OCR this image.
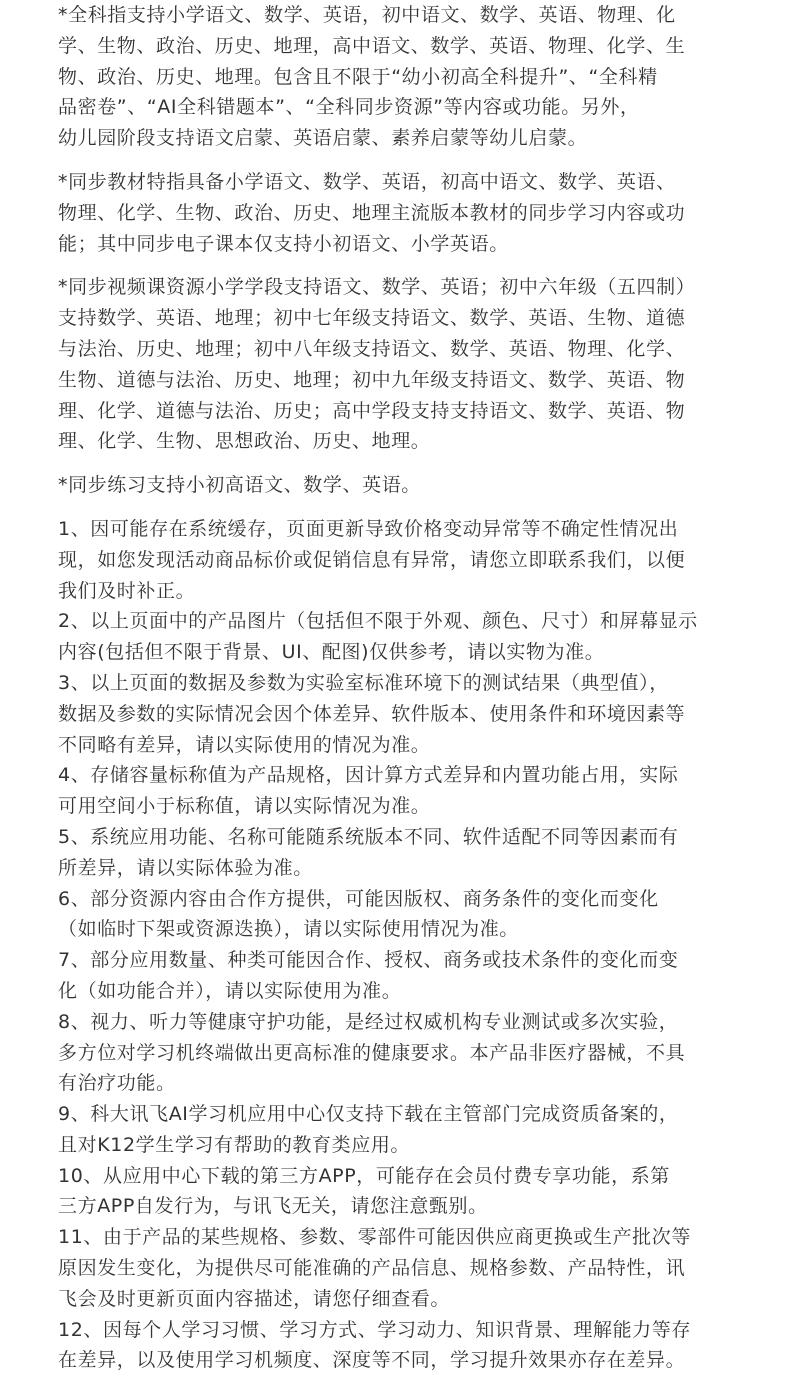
*全科指支持小学语文、数学、英语，初中语文、数学、英语、物理、化
学、生物、政治、历史、地理，高中语文、数学、英语、物理、化学、生
物、政治、历史、地理。包含且不限于“幼小初高全科提升”、“全科精
品密卷”、“AI全科错题本”、“全科同步资源”等内容或功能。另外，
幼儿园阶段支持语文启蒙、英语启蒙、素养启蒙等幼儿启蒙。
*同步教材特指具备小学语文、数学、英语，初高中语文、数学、英语、
物理、化学、生物、政治、历史、地理主流版本教材的同步学习内容或功
能；其中同步电子课本仅支持小初语文、小学英语。
*同步视频课资源小学学段支持语文、数学、英语；初中六年级（五四制）
支持数学、英语、地理；初中七年级支持语文、数学、英语、生物、道德
与法治、历史、地理；初中八年级支持语文、数学、英语、物理、化学、
生物、道德与法治、历史、地理；初中九年级支持语文、数学、英语、物
理、化学、道德与法治、历史；高中学段支持支持语文、数学、英语、物
理、化学、生物、思想政治、历史、地理。
*同步练习支持小初高语文、数学、英语。
1、因可能存在系统缓存，页面更新导致价格变动异常等不确定性情况出
现，如您发现活动商品标价或促销信息有异常，请您立即联系我们，以便
我们及时补正。
2、以上页面中的产品图片（包括但不限于外观、颜色、尺寸）和屏幕显示
内容(包括但不限于背景、UI、配图)仅供参考，请以实物为准。
3、以上页面的数据及参数为实验室标准环境下的测试结果（典型值），
数据及参数的实际情况会因个体差异、软件版本、使用条件和环境因素等
不同略有差异，请以实际使用的情况为准。
4、存储容量标称值为产品规格，因计算方式差异和内置功能占用，实际
可用空间小于标称值，请以实际情况为准。
5、系统应用功能、名称可能随系统版本不同、软件适配不同等因素而有
所差异，请以实际体验为准。
6、部分资源内容由合作方提供，可能因版权、商务条件的变化而变化
（如临时下架或资源迭换），请以实际使用情况为准。
7、部分应用数量、种类可能因合作、授权、商务或技术条件的变化而变
化（如功能合并），请以实际使用为准。
8、视力、听力等健康守护功能，是经过权威机构专业测试或多次实验，
多方位对学习机终端做出更高标准的健康要求。本产品非医疗器械，不具
有治疗功能。
9、科大讯飞AI学习机应用中心仅支持下载在主管部门完成资质备案的，
且对K12学生学习有帮助的教育类应用。
10、从应用中心下载的第三方APP，可能存在会员付费专享功能，系第
三方APP自发行为，与讯飞无关，请您注意甄别。
11、由于产品的某些规格、参数、零部件可能因供应商更换或生产批次等
原因发生变化，为提供尽可能准确的产品信息、规格参数、产品特性，讯
飞会及时更新页面内容描述，请您仔细查看。
12、因每个人学习习惯、学习方式、学习动力、知识背景、理解能力等存
在差异，以及使用学习机频度、深度等不同，学习提升效果亦存在差异。
